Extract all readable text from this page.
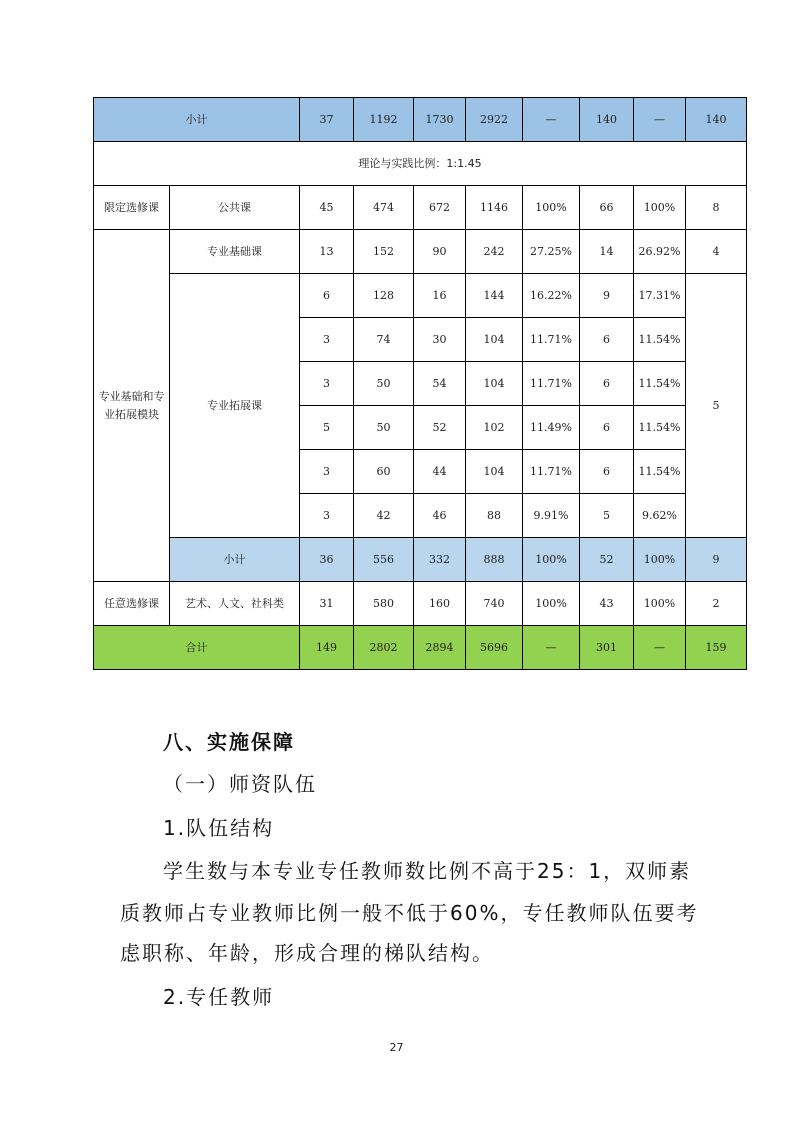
小计		37	1192	1730	2922	—	140	—	140
理论与实践比例：1:1.45									
限定选修课	公共课	45	474	672	1146	100%	66	100%	8
专业基础和专业拓展模块	专业基础课	13	152	90	242	27.25%	14	26.92%	4
	专业拓展课	6	128	16	144	16.22%	9	17.31%	5
		3	74	30	104	11.71%	6	11.54%	
		3	50	54	104	11.71%	6	11.54%	
		5	50	52	102	11.49%	6	11.54%	
		3	60	44	104	11.71%	6	11.54%	
		3	42	46	88	9.91%	5	9.62%	
	小计	36	556	332	888	100%	52	100%	9
任意选修课	艺术、人文、社科类	31	580	160	740	100%	43	100%	2
合计		149	2802	2894	5696	—	301	—	159
八、实施保障
（一）师资队伍
1.队伍结构
学生数与本专业专任教师数比例不高于25：1，双师素
质教师占专业教师比例一般不低于60%，专任教师队伍要考
虑职称、年龄，形成合理的梯队结构。
2.专任教师
27
